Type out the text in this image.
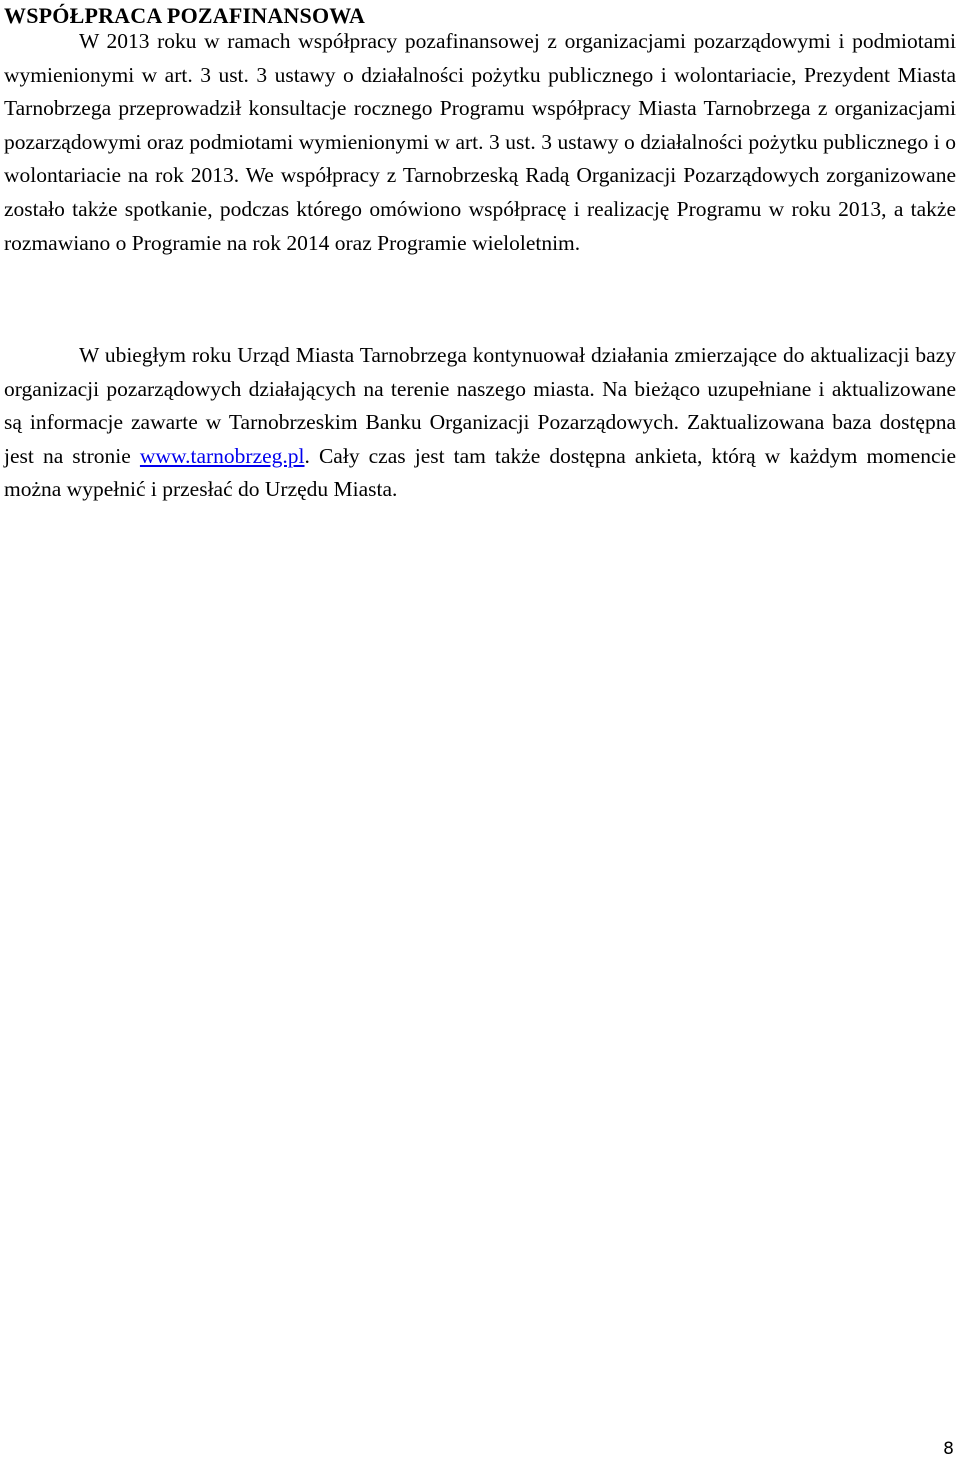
WSPÓŁPRACA POZAFINANSOWA

W 2013 roku w ramach współpracy pozafinansowej z organizacjami pozarządowymi i podmiotami wymienionymi w art. 3 ust. 3 ustawy o działalności pożytku publicznego i wolontariacie, Prezydent Miasta Tarnobrzega przeprowadził konsultacje rocznego Programu współpracy Miasta Tarnobrzega z organizacjami pozarządowymi oraz podmiotami wymienionymi w art. 3 ust. 3 ustawy o działalności pożytku publicznego i o wolontariacie na rok 2013. We współpracy z Tarnobrzeską Radą Organizacji Pozarządowych zorganizowane zostało także spotkanie, podczas którego omówiono współpracę i realizację Programu w roku 2013, a także rozmawiano o Programie na rok 2014 oraz Programie wieloletnim.

W ubiegłym roku Urząd Miasta Tarnobrzega kontynuował działania zmierzające do aktualizacji bazy organizacji pozarządowych działających na terenie naszego miasta. Na bieżąco uzupełniane i aktualizowane są informacje zawarte w Tarnobrzeskim Banku Organizacji Pozarządowych. Zaktualizowana baza dostępna jest na stronie www.tarnobrzeg.pl. Cały czas jest tam także dostępna ankieta, którą w każdym momencie można wypełnić i przesłać do Urzędu Miasta.

8
